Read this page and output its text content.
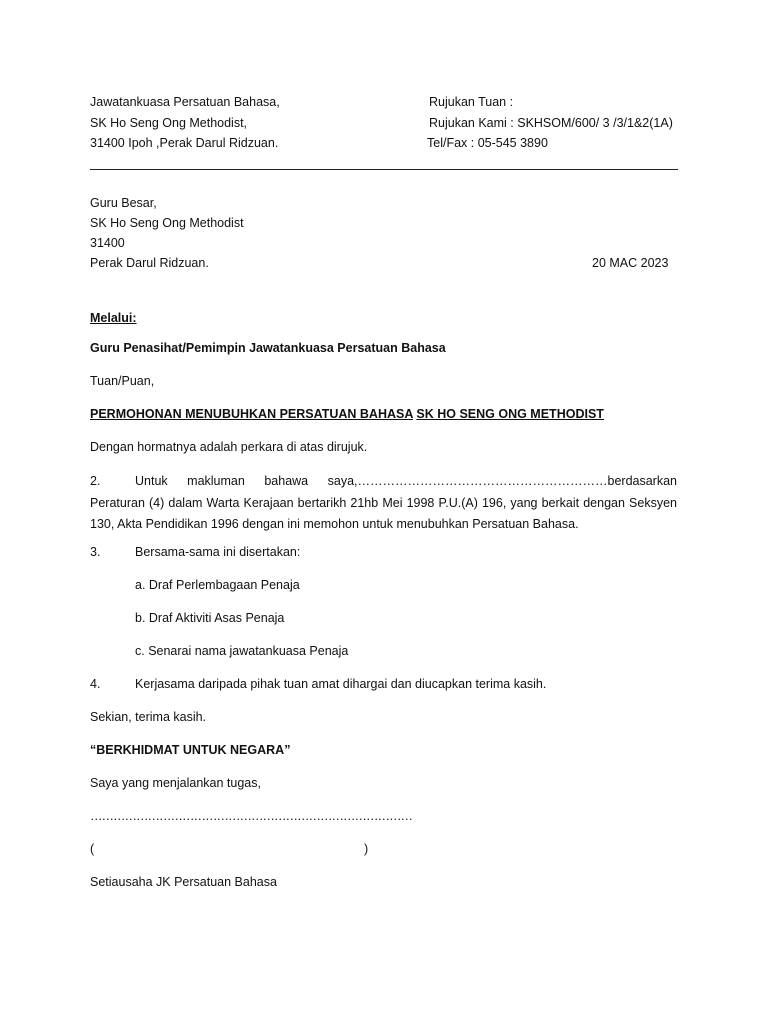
Jawatankuasa Persatuan Bahasa,
SK Ho Seng Ong Methodist,
31400 Ipoh ,Perak Darul Ridzuan.
Rujukan Tuan :
Rujukan Kami : SKHSOM/600/ 3 /3/1&2(1A)
Tel/Fax : 05-545 3890
Guru Besar,
SK Ho Seng Ong Methodist
31400
Perak Darul Ridzuan.	20 MAC 2023
Melalui:
Guru Penasihat/Pemimpin Jawatankuasa Persatuan Bahasa
Tuan/Puan,
PERMOHONAN MENUBUHKAN PERSATUAN BAHASA SK HO SENG ONG METHODIST
Dengan hormatnya adalah perkara di atas dirujuk.
2.	Untuk makluman bahawa saya,……………………………………………………berdasarkan Peraturan (4) dalam Warta Kerajaan bertarikh 21hb Mei 1998 P.U.(A) 196, yang berkait dengan Seksyen 130, Akta Pendidikan 1996 dengan ini memohon untuk menubuhkan Persatuan Bahasa.
3.	Bersama-sama ini disertakan:
a. Draf Perlembagaan Penaja
b. Draf Aktiviti Asas Penaja
c. Senarai nama jawatankuasa Penaja
4.	Kerjasama daripada pihak tuan amat dihargai dan diucapkan terima kasih.
Sekian, terima kasih.
“BERKHIDMAT UNTUK NEGARA”
Saya yang menjalankan tugas,
…………………………………………………………………………
(	)
Setiausaha JK Persatuan Bahasa
